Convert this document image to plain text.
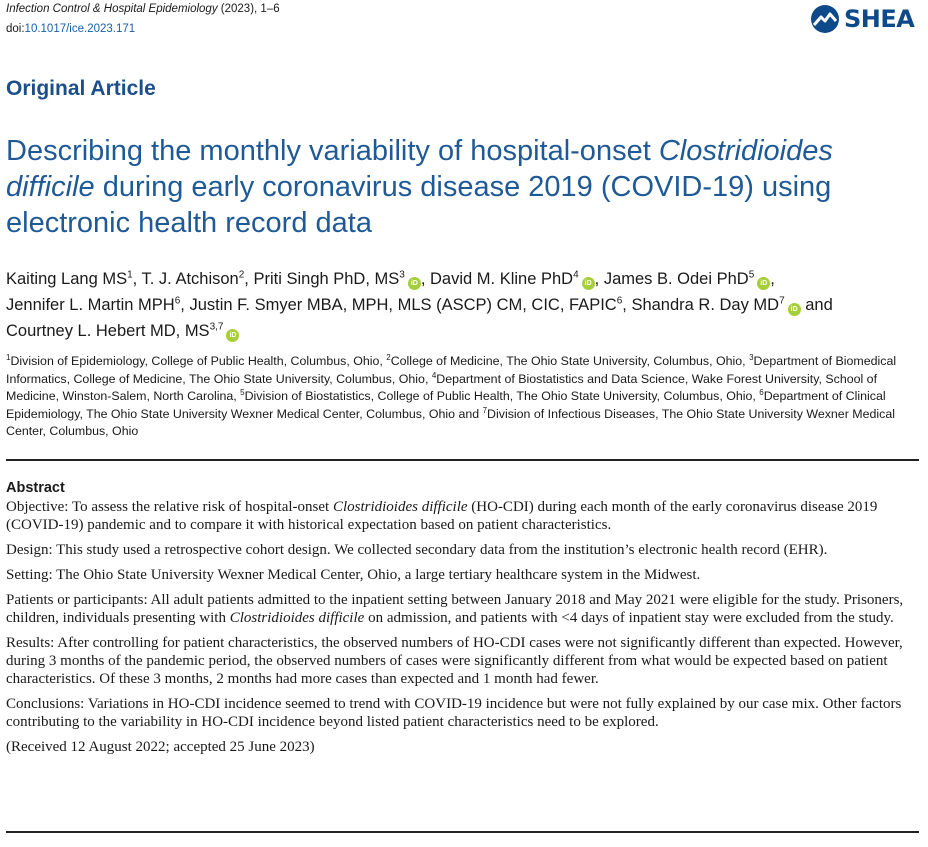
Infection Control & Hospital Epidemiology (2023), 1–6
doi:10.1017/ice.2023.171	SHEA
Original Article
Describing the monthly variability of hospital-onset Clostridioides difficile during early coronavirus disease 2019 (COVID-19) using electronic health record data
Kaiting Lang $MS^1$, T. J. Atchison$^2$, Priti Singh PhD, $MS^3iD$ , David M. Kline PhD$^4$iD , James B. Odei PhD$^5$iD , Jennifer L. Martin MPH$^6$, Justin F. Smyer MBA, MPH, MLS (ASCP) CM, CIC, FAPIC$^6$, Shandra R. Day $MD^7iD$ and Courtney L. Hebert MD, MS$^{3,7}$iD
$^1$Division of Epidemiology, College of Public Health, Columbus, Ohio, $^2$College of Medicine, The Ohio State University, Columbus, Ohio, $^3$Department of Biomedical Informatics, College of Medicine, The Ohio State University, Columbus, Ohio, $^4$Department of Biostatistics and Data Science, Wake Forest University, School of Medicine, Winston-Salem, North Carolina, $^5$Division of Biostatistics, College of Public Health, The Ohio State University, Columbus, Ohio, $^6$Department of Clinical Epidemiology, The Ohio State University Wexner Medical Center, Columbus, Ohio and $^7$Division of Infectious Diseases, The Ohio State University Wexner Medical Center, Columbus, Ohio
Abstract

Objective: To assess the relative risk of hospital-onset Clostridioides difficile (HO-CDI) during each month of the early coronavirus disease 2019 (COVID-19) pandemic and to compare it with historical expectation based on patient characteristics.

Design: This study used a retrospective cohort design. We collected secondary data from the institution’s electronic health record (EHR).

Setting: The Ohio State University Wexner Medical Center, Ohio, a large tertiary healthcare system in the Midwest.

Patients or participants: All adult patients admitted to the inpatient setting between January 2018 and May 2021 were eligible for the study. Prisoners, children, individuals presenting with Clostridioides difficile on admission, and patients with <4 days of inpatient stay were excluded from the study.

Results: After controlling for patient characteristics, the observed numbers of HO-CDI cases were not significantly different than expected. However, during 3 months of the pandemic period, the observed numbers of cases were significantly different from what would be expected based on patient characteristics. Of these 3 months, 2 months had more cases than expected and 1 month had fewer.

Conclusions: Variations in HO-CDI incidence seemed to trend with COVID-19 incidence but were not fully explained by our case mix. Other factors contributing to the variability in HO-CDI incidence beyond listed patient characteristics need to be explored.

(Received 12 August 2022; accepted 25 June 2023)
